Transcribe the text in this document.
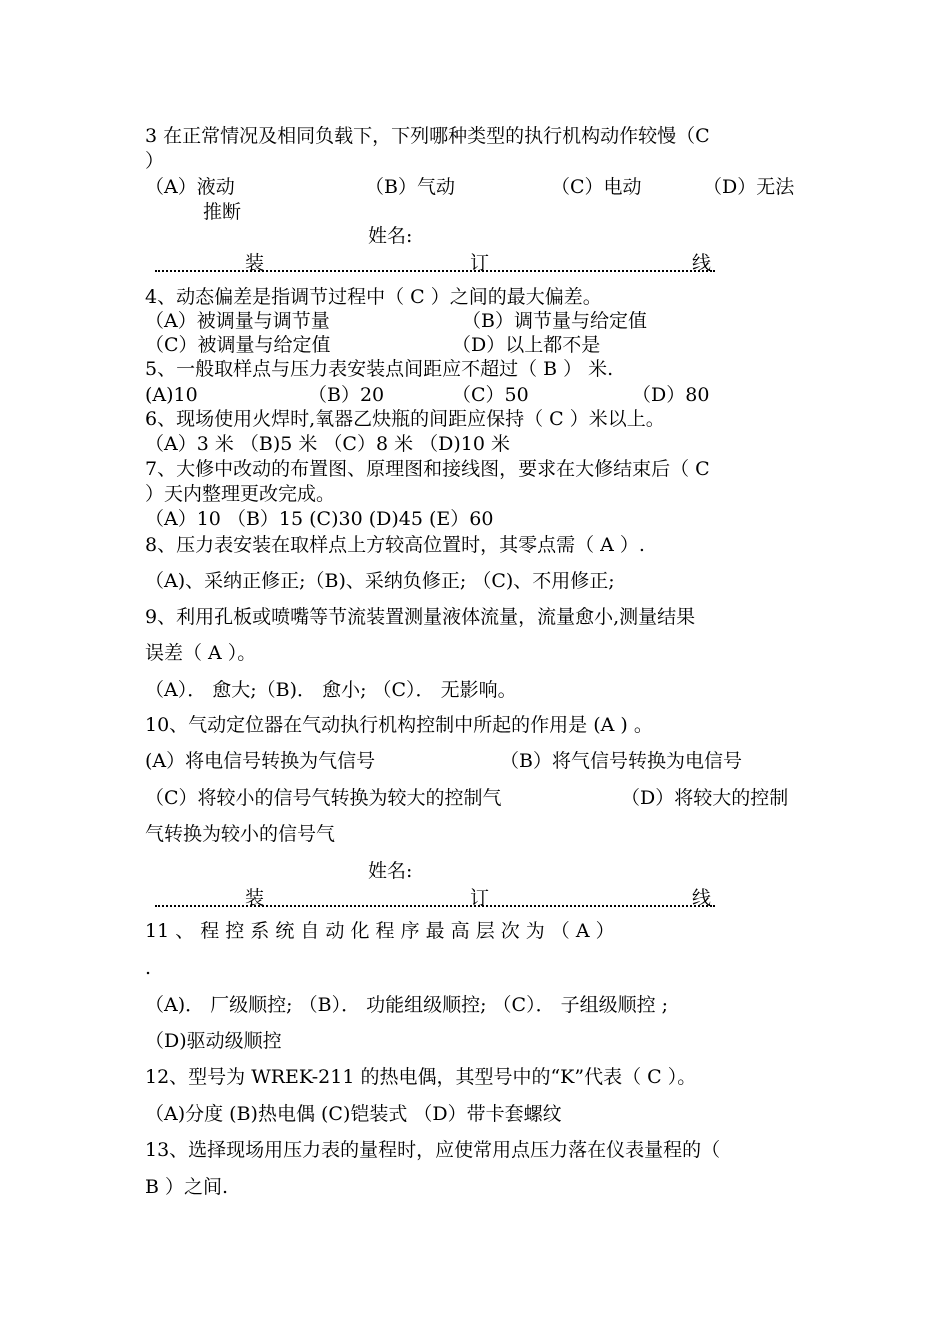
3 在正常情况及相同负载下，下列哪种类型的执行机构动作较慢（C
）
（A）液动	（B）气动	（C）电动	（D）无法
推断
姓名:
装	订	线
4、动态偏差是指调节过程中（ C ）之间的最大偏差。
（A）被调量与调节量	（B）调节量与给定值
（C）被调量与给定值	（D）以上都不是
5、一般取样点与压力表安装点间距应不超过（ B ） 米.
(A)10	（B）20	（C）50	（D）80
6、现场使用火焊时,氧器乙炔瓶的间距应保持（ C ）米以上。
（A）3 米 （B)5 米 （C）8 米 （D)10 米
7、大修中改动的布置图、原理图和接线图，要求在大修结束后（ C
）天内整理更改完成。
（A）10 （B）15 (C)30 (D)45 (E）60
8、压力表安装在取样点上方较高位置时，其零点需（ A ）.
（A)、采纳正修正;（B)、采纳负修正; （C)、不用修正;
9、利用孔板或喷嘴等节流装置测量液体流量，流量愈小,测量结果
误差（ A ）。
（A）． 愈大;（B)． 愈小; （C）． 无影响。
10、气动定位器在气动执行机构控制中所起的作用是 (A ) 。
(A）将电信号转换为气信号	（B）将气信号转换为电信号
（C）将较小的信号气转换为较大的控制气	（D）将较大的控制
气转换为较小的信号气
姓名:
装	订	线
11 、 程 控 系 统 自 动 化 程 序 最 高 层 次 为 （ A ）
.
（A)． 厂级顺控; （B）． 功能组级顺控; （C）． 子组级顺控 ;
（D)驱动级顺控
12、型号为 WREK-211 的热电偶，其型号中的“K”代表（ C ）。
（A)分度 (B)热电偶 (C)铠装式 （D）带卡套螺纹
13、选择现场用压力表的量程时，应使常用点压力落在仪表量程的（
B ）之间.
